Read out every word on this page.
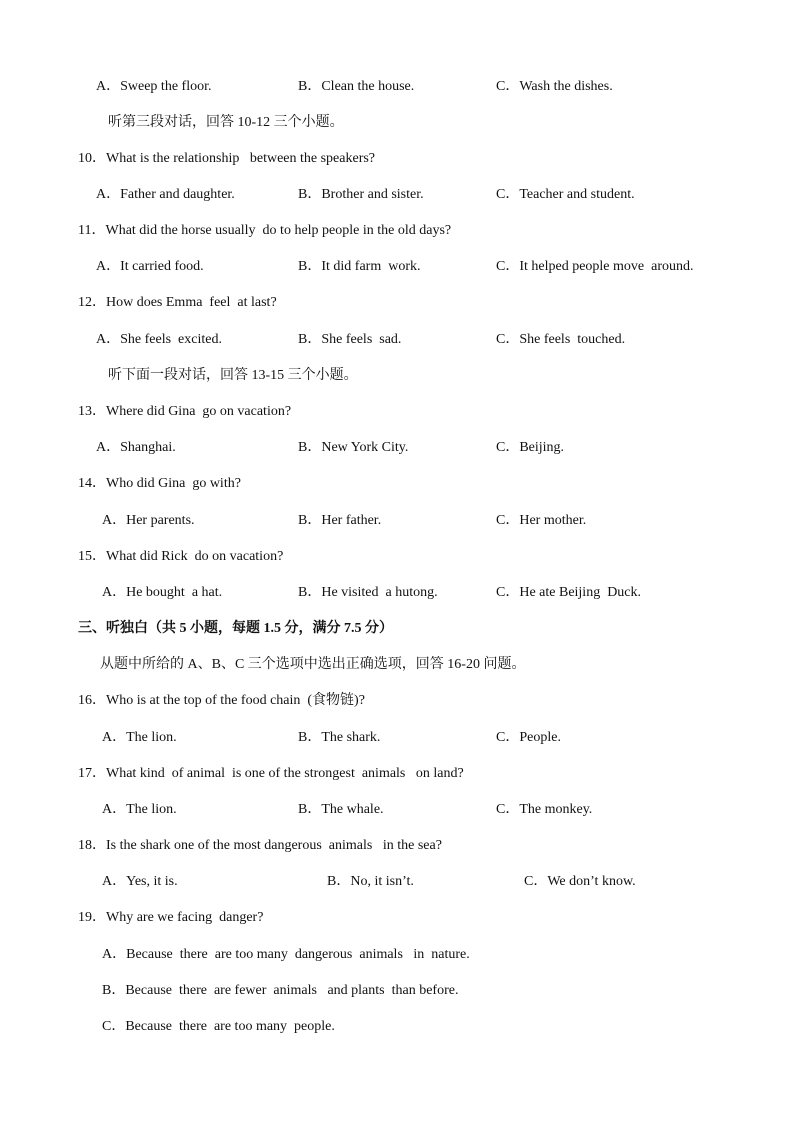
A．Sweep the floor.	B．Clean the house.	C．Wash the dishes.
听第三段对话，回答 10-12 三个小题。
10．What is the relationship   between the speakers?
A．Father and daughter.	B．Brother and sister.	C．Teacher and student.
11．What did the horse usually  do to help people in the old days?
A．It carried food.	B．It did farm  work.	C．It helped people move  around.
12．How does Emma  feel  at last?
A．She feels  excited.	B．She feels  sad.	C．She feels  touched.
听下面一段对话，回答 13-15 三个小题。
13．Where did Gina  go on vacation?
A．Shanghai.	B．New York City.	C．Beijing.
14．Who did Gina  go with?
A．Her parents.	B．Her father.	C．Her mother.
15．What did Rick  do on vacation?
A．He bought  a hat.	B．He visited  a hutong.	C．He ate Beijing  Duck.
三、听独白（共 5 小题，每题 1.5 分，满分 7.5 分）
从题中所给的 A、B、C 三个选项中选出正确选项，回答 16-20 问题。
16．Who is at the top of the food chain  (食物链)?
A．The lion.	B．The shark.	C．People.
17．What kind  of animal  is one of the strongest  animals   on land?
A．The lion.	B．The whale.	C．The monkey.
18．Is the shark one of the most dangerous  animals   in the sea?
A．Yes, it is.	B．No, it isn’t.	C．We don’t know.
19．Why are we facing  danger?
A．Because  there  are too many  dangerous  animals   in  nature.
B．Because  there  are fewer  animals   and plants  than before.
C．Because  there  are too many  people.
